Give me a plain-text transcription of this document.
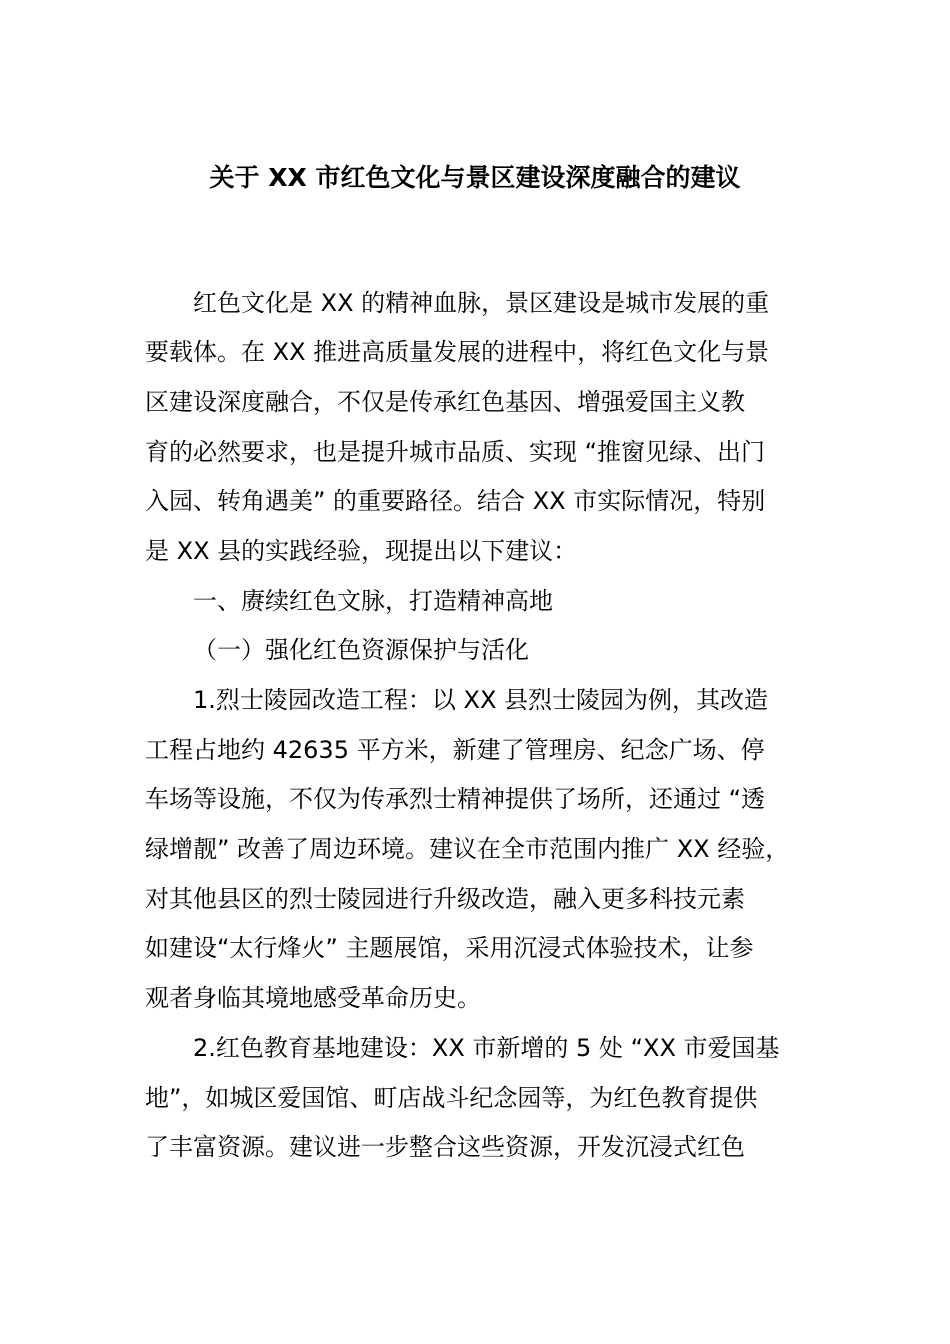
关于 XX 市红色文化与景区建设深度融合的建议
红色文化是 XX 的精神血脉，景区建设是城市发展的重
要载体。在 XX 推进高质量发展的进程中，将红色文化与景
区建设深度融合，不仅是传承红色基因、增强爱国主义教
育的必然要求，也是提升城市品质、实现 “推窗见绿、出门
入园、转角遇美” 的重要路径。结合 XX 市实际情况，特别
是 XX 县的实践经验，现提出以下建议：
一、赓续红色文脉，打造精神高地
（一）强化红色资源保护与活化
1.烈士陵园改造工程：以 XX 县烈士陵园为例，其改造
工程占地约 42635 平方米，新建了管理房、纪念广场、停
车场等设施，不仅为传承烈士精神提供了场所，还通过 “透
绿增靓” 改善了周边环境。建议在全市范围内推广 XX 经验，
对其他县区的烈士陵园进行升级改造，融入更多科技元素
如建设“太行烽火” 主题展馆，采用沉浸式体验技术，让参
观者身临其境地感受革命历史。
2.红色教育基地建设：XX 市新增的 5 处 “XX 市爱国基
地”，如城区爱国馆、町店战斗纪念园等，为红色教育提供
了丰富资源。建议进一步整合这些资源，开发沉浸式红色
